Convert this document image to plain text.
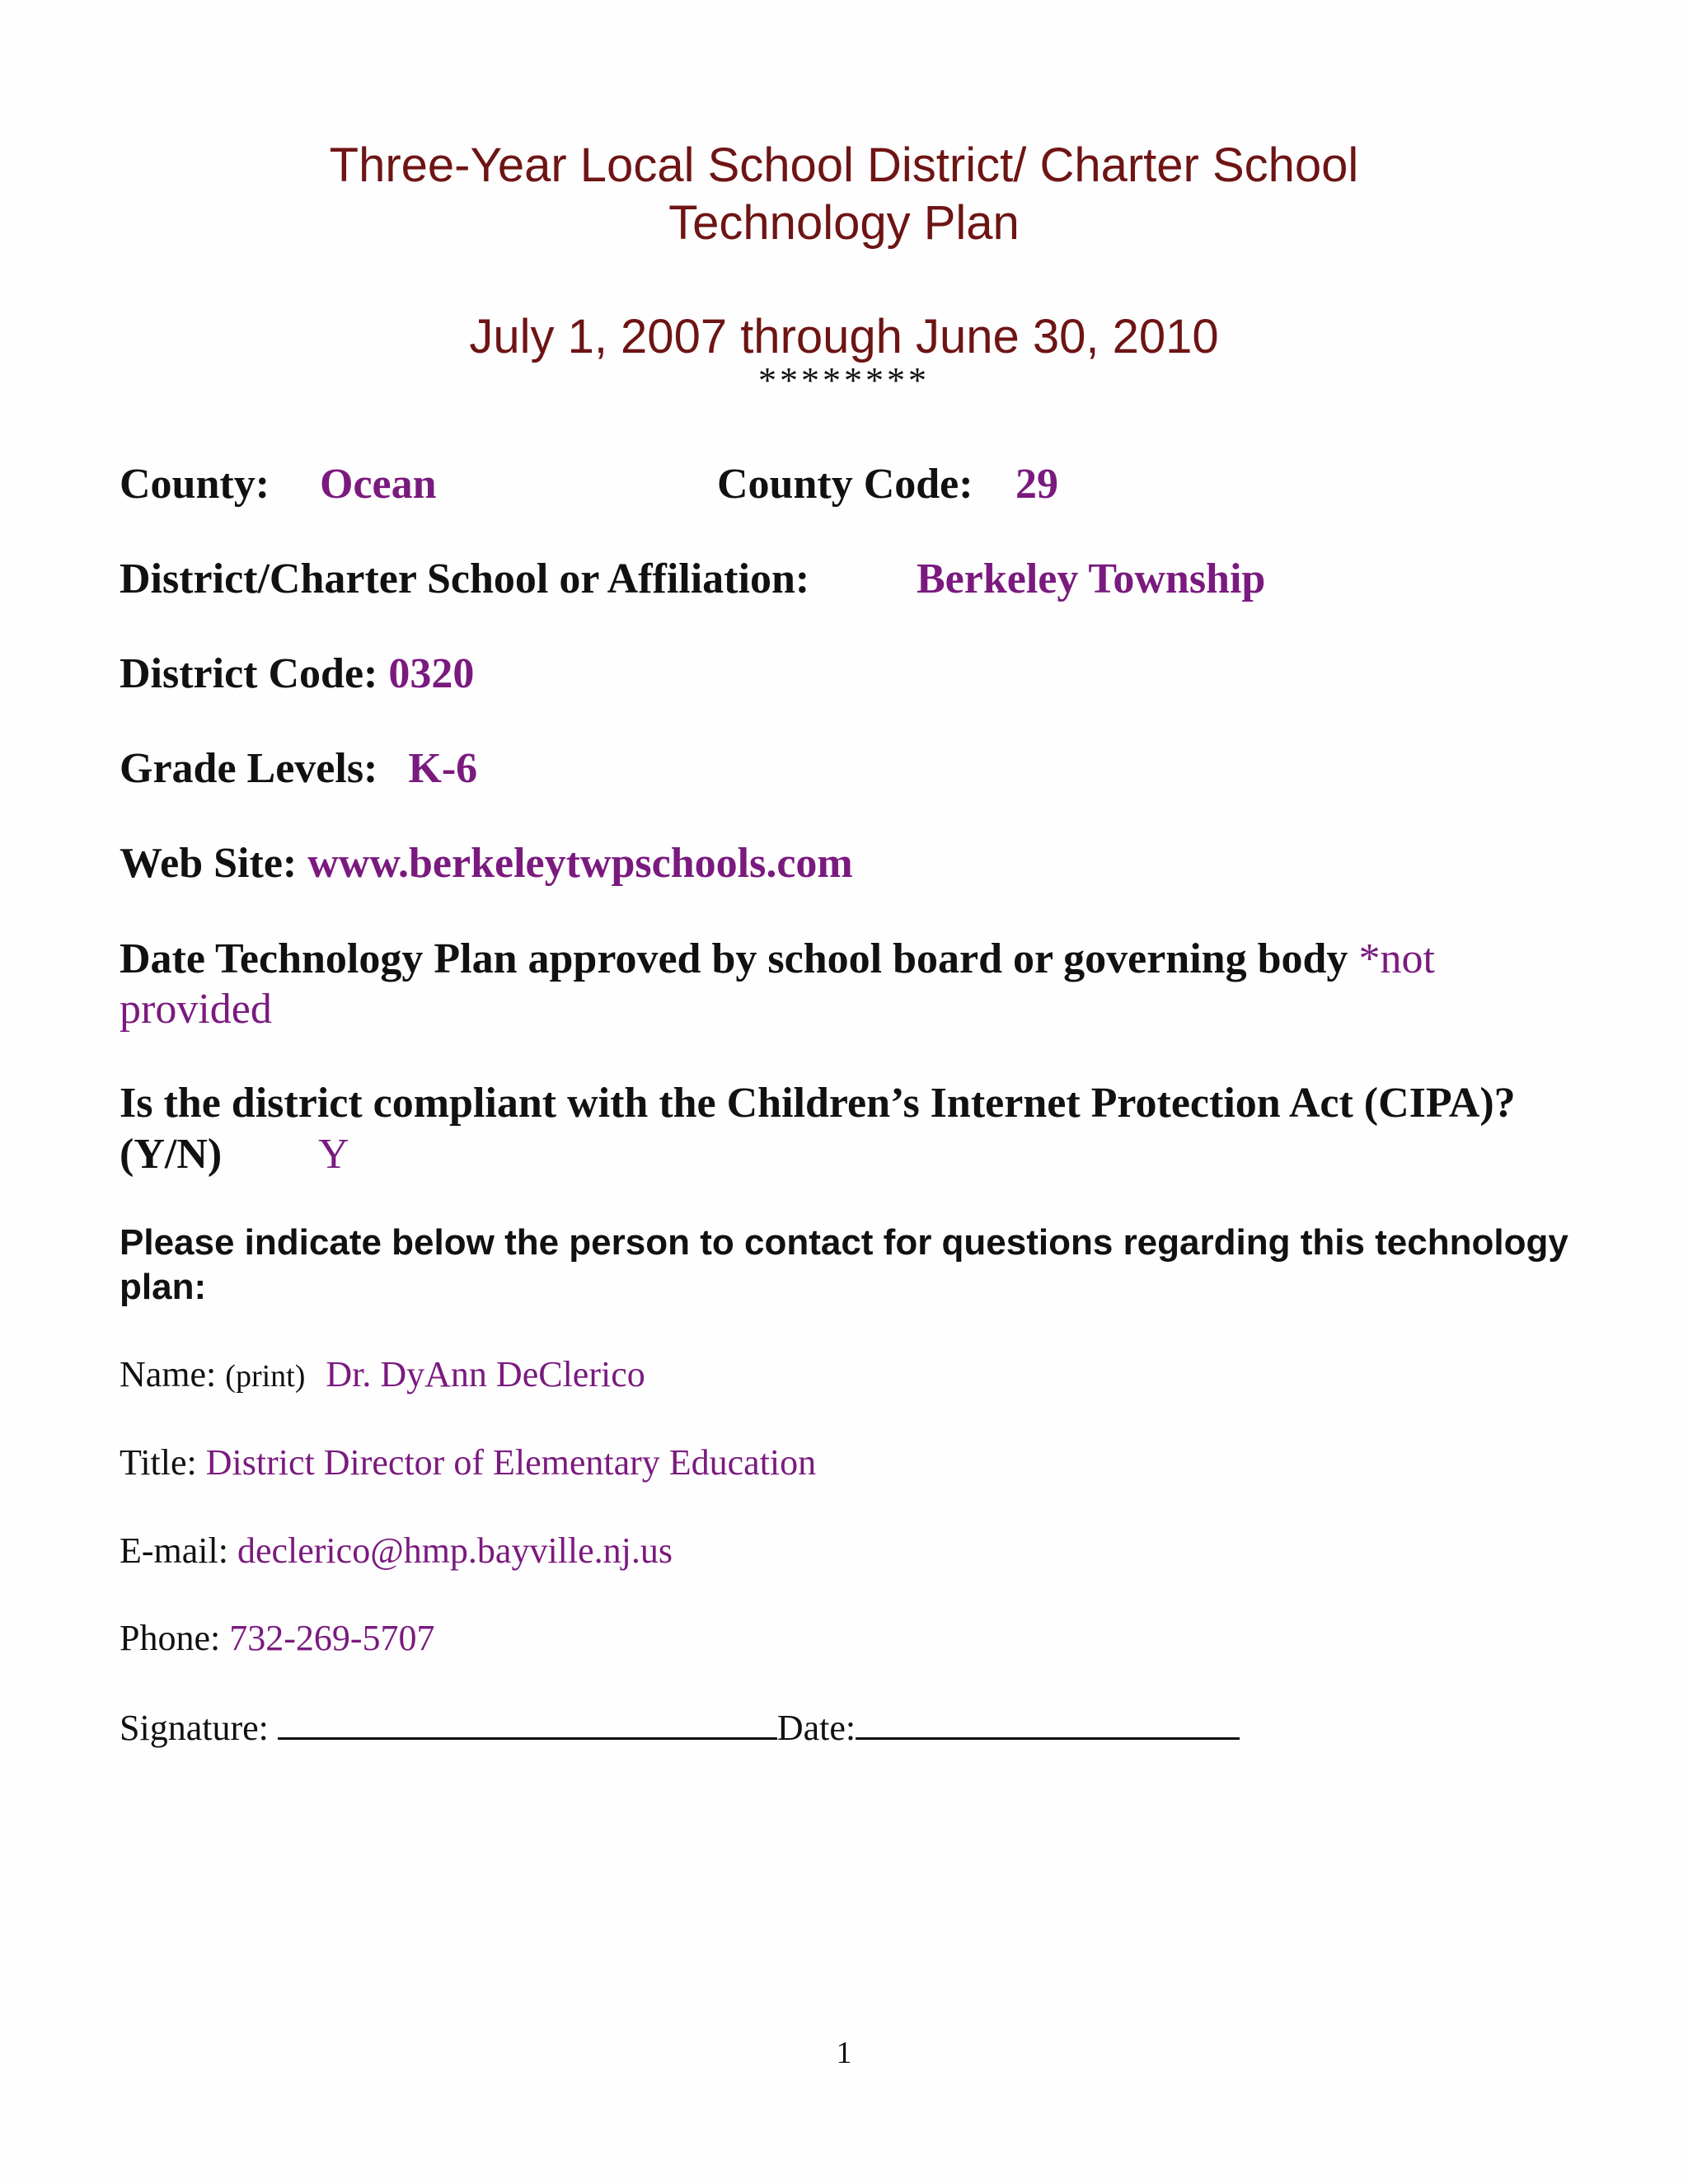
Three-Year Local School District/ Charter School
Technology Plan
July 1, 2007 through June 30, 2010
********
County: Ocean	County Code: 29
District/Charter School or Affiliation: Berkeley Township
District Code: 0320
Grade Levels: K-6
Web Site: www.berkeleytwpschools.com
Date Technology Plan approved by school board or governing body *not
provided
Is the district compliant with the Children’s Internet Protection Act (CIPA)?
(Y/N) Y
Please indicate below the person to contact for questions regarding this technology plan:
Name: (print) Dr. DyAnn DeClerico
Title: District Director of Elementary Education
E-mail: declerico@hmp.bayville.nj.us
Phone: 732-269-5707
Signature:	Date:
1
